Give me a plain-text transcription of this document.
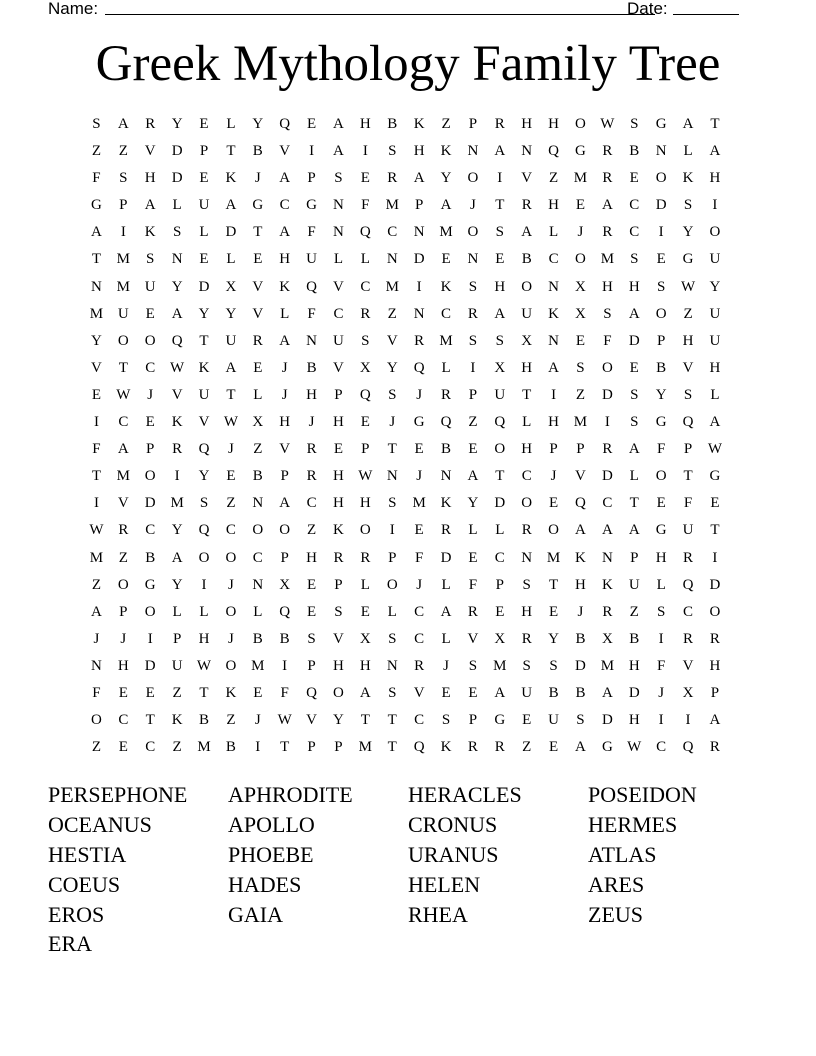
Name:	Date:
Greek Mythology Family Tree
S	A	R	Y	E	L	Y	Q	E	A	H	B	K	Z	P	R	H	H	O W	S	G	A	T
Z	Z	V	D	P	T	B	V	I	A	I	S	H	K	N	A	N	Q	G	R	B	N	L	A
F	S	H	D	E	K	J	A	P	S	E	R	A	Y	O	I	V	Z	M	R	E	O	K	H
G	P	A	L	U	A	G	C	G	N	F	M	P	A	J	T	R	H	E	A	C	D	S	I
A	I	K	S	L	D	T	A	F	N	Q	C	N M O	S	A	L	J	R	C	I	Y	O
T	M	S	N	E	L	E	H	U	L	L	N	D	E	N	E	B	C	O M	S	E	G	U
N M U	Y	D	X	V	K	Q	V	C	M	I	K	S	H	O	N	X	H	H	S	W Y
M U	E	A	Y	Y	V	L	F	C	R	Z	N	C	R	A	U	K	X	S	A	O	Z	U
Y	O	O	Q	T	U	R	A	N	U	S	V	R	M	S	S	X	N	E	F	D	P	H	U
V	T	C W K	A	E	J	B	V	X	Y	Q	L	I	X	H	A	S	O	E	B	V	H
E	W	J	V	U	T	L	J	H	P	Q	S	J	R	P	U	T	I	Z	D	S	Y	S	L
I	C	E	K	V W X	H	J	H	E	J	G	Q	Z	Q	L	H M	I	S	G	Q	A
F	A	P	R	Q	J	Z	V	R	E	P	T	E	B	E	O	H	P	P	R	A	F	P	W
T	M O	I	Y	E	B	P	R	H W N	J	N	A	T	C	J	V	D	L	O	T	G
I	V	D M	S	Z	N	A	C	H	H	S	M K	Y	D	O	E	Q	C	T	E	F	E
W R	C	Y	Q	C	O	O	Z	K	O	I	E	R	L	L	R	O	A	A	A	G	U	T
M	Z	B	A	O	O	C	P	H	R	R	P	F	D	E	C	N M K	N	P	H	R	I
Z	O	G	Y	I	J	N	X	E	P	L	O	J	L	F	P	S	T	H	K	U	L	Q	D
A	P	O	L	L	O	L	Q	E	S	E	L	C	A	R	E	H	E	J	R	Z	S	C	O
J	J	I	P	H	J	B	B	S	V	X	S	C	L	V	X	R	Y	B	X	B	I	R	R
N	H	D	U W O M	I	P	H	H	N	R	J	S	M	S	S	D M H	F	V	H
F	E	E	Z	T	K	E	F	Q	O	A	S	V	E	E	A	U	B	B	A	D	J	X	P
O	C	T	K	B	Z	J	W V	Y	T	T	C	S	P	G	E	U	S	D	H	I	I	A
Z	E	C	Z	M	B	I	T	P	P	M	T	Q	K	R	R	Z	E	A	G W C	Q	R
PERSEPHONE	APHRODITE	HERACLES	POSEIDON
OCEANUS	APOLLO	CRONUS	HERMES
HESTIA	PHOEBE	URANUS	ATLAS
COEUS	HADES	HELEN	ARES
EROS	GAIA	RHEA	ZEUS
ERA
